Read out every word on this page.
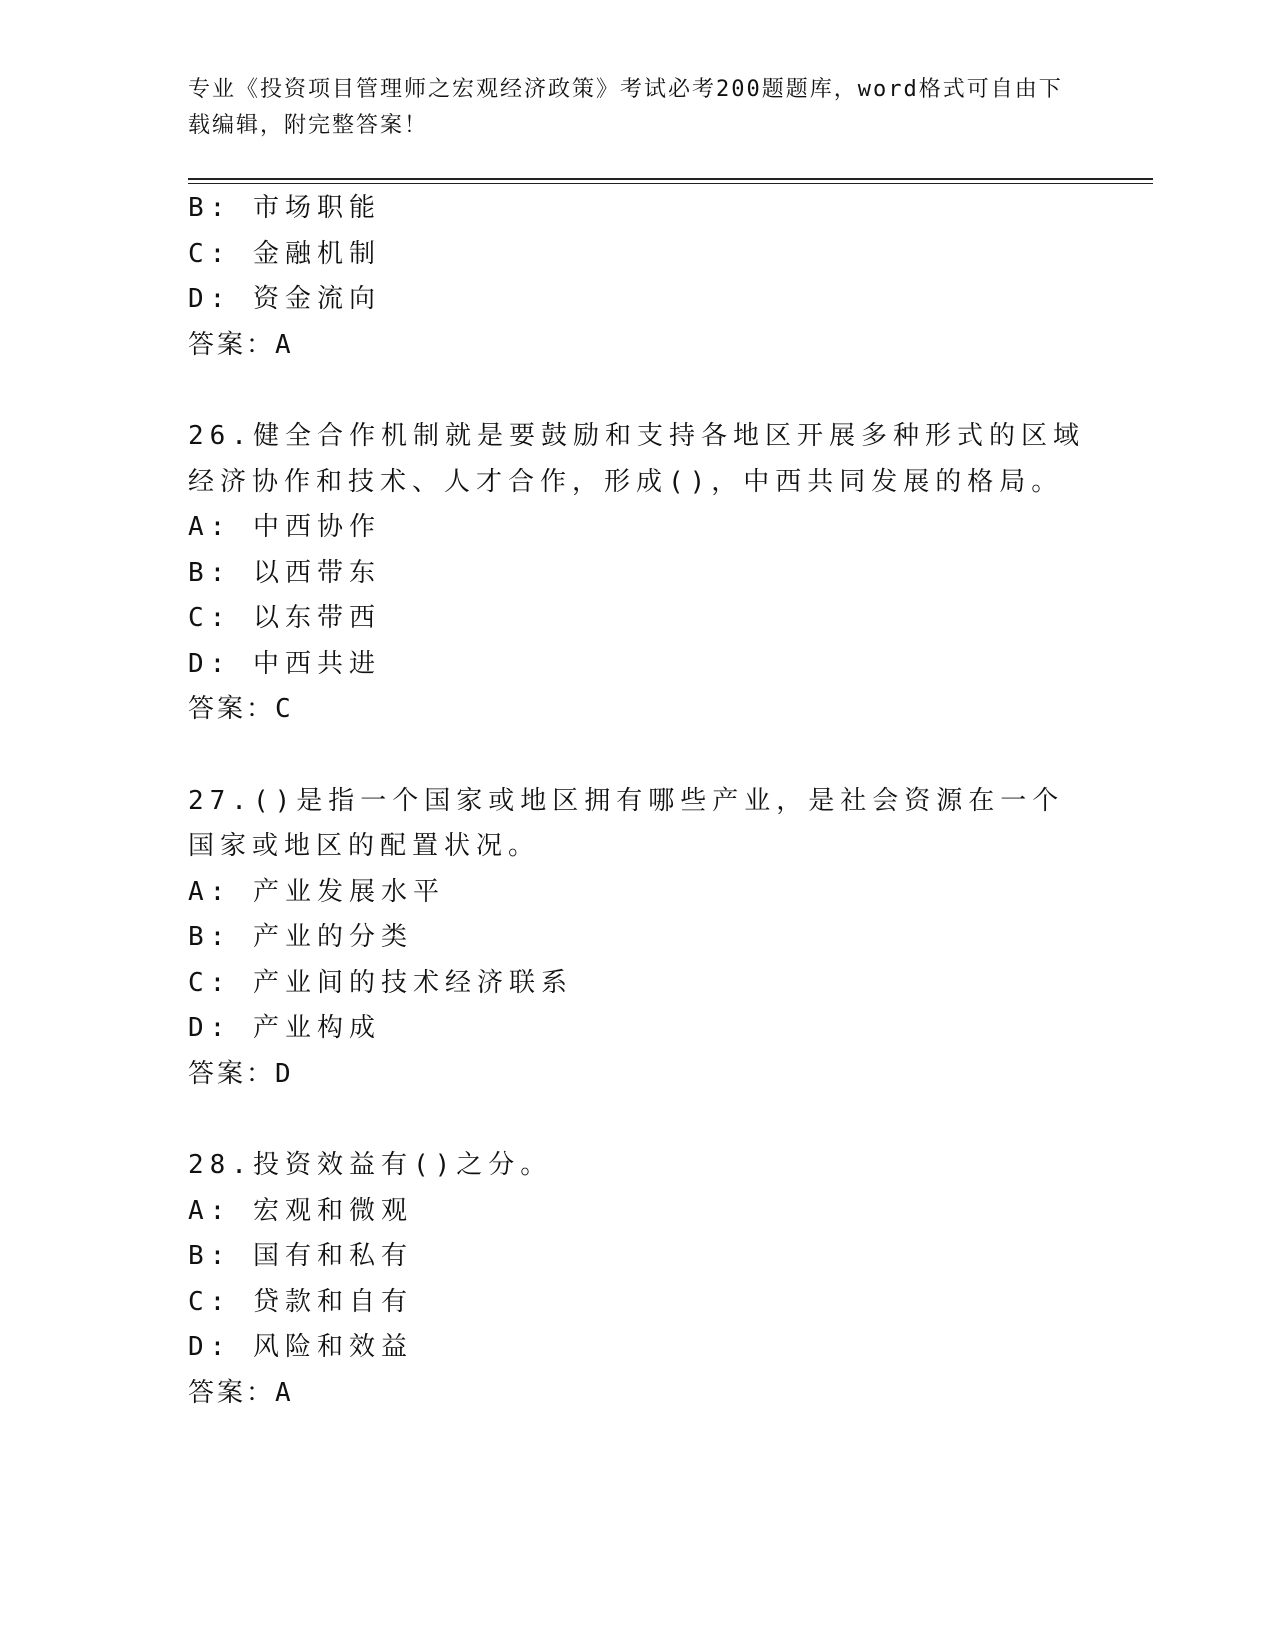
专业《投资项目管理师之宏观经济政策》考试必考200题题库，word格式可自由下载编辑，附完整答案！
B: 市场职能
C: 金融机制
D: 资金流向
答案：A
26.健全合作机制就是要鼓励和支持各地区开展多种形式的区域经济协作和技术、人才合作，形成()，中西共同发展的格局。
A: 中西协作
B: 以西带东
C: 以东带西
D: 中西共进
答案：C
27.()是指一个国家或地区拥有哪些产业，是社会资源在一个国家或地区的配置状况。
A: 产业发展水平
B: 产业的分类
C: 产业间的技术经济联系
D: 产业构成
答案：D
28.投资效益有()之分。
A: 宏观和微观
B: 国有和私有
C: 贷款和自有
D: 风险和效益
答案：A
